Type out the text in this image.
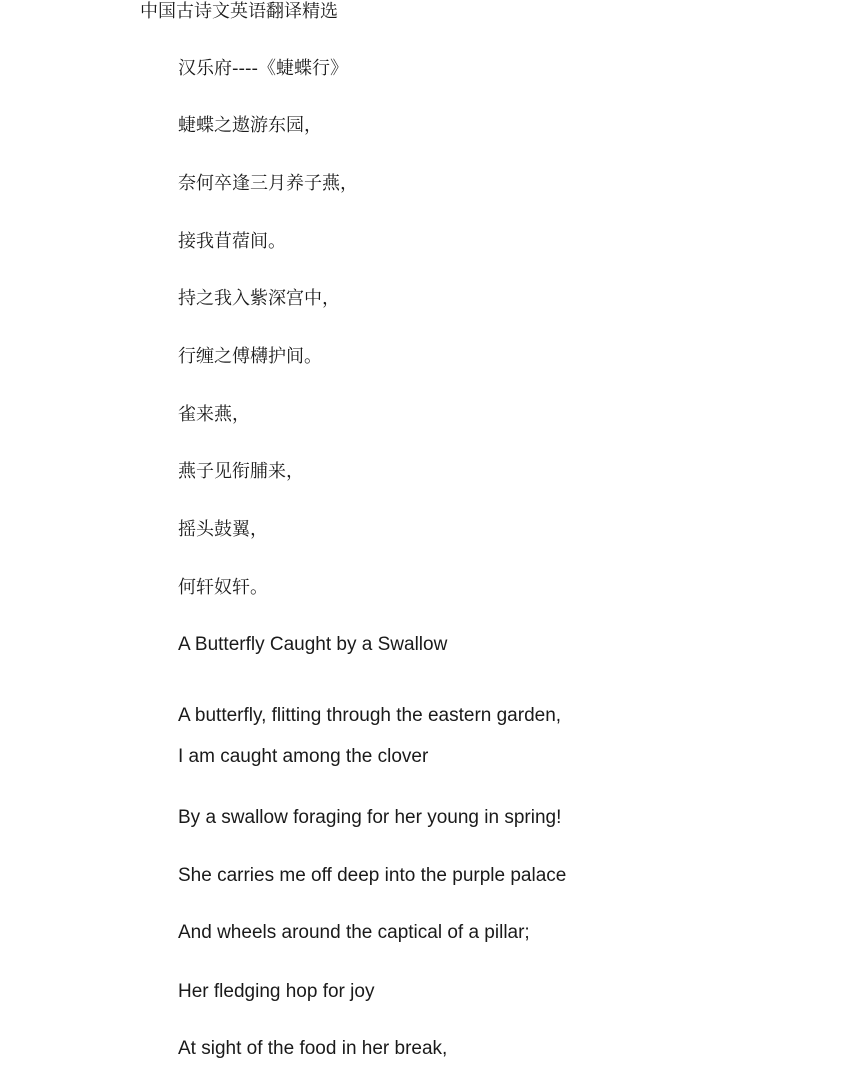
中国古诗文英语翻译精选
汉乐府----《蜨蝶行》
蜨蝶之遨游东园，
奈何卒逢三月养子燕，
接我苜蓿间。
持之我入紫深宫中，
行缠之傅欂护间。
雀来燕，
燕子见衔脯来，
摇头鼓翼，
何轩奴轩。
A Butterfly Caught by a Swallow
A butterfly, flitting through the eastern garden,
I am caught among the clover
By a swallow foraging for her young in spring!
She carries me off deep into the purple palace
And wheels around the captical of a pillar;
Her fledging hop for joy
At sight of the food in her break,
